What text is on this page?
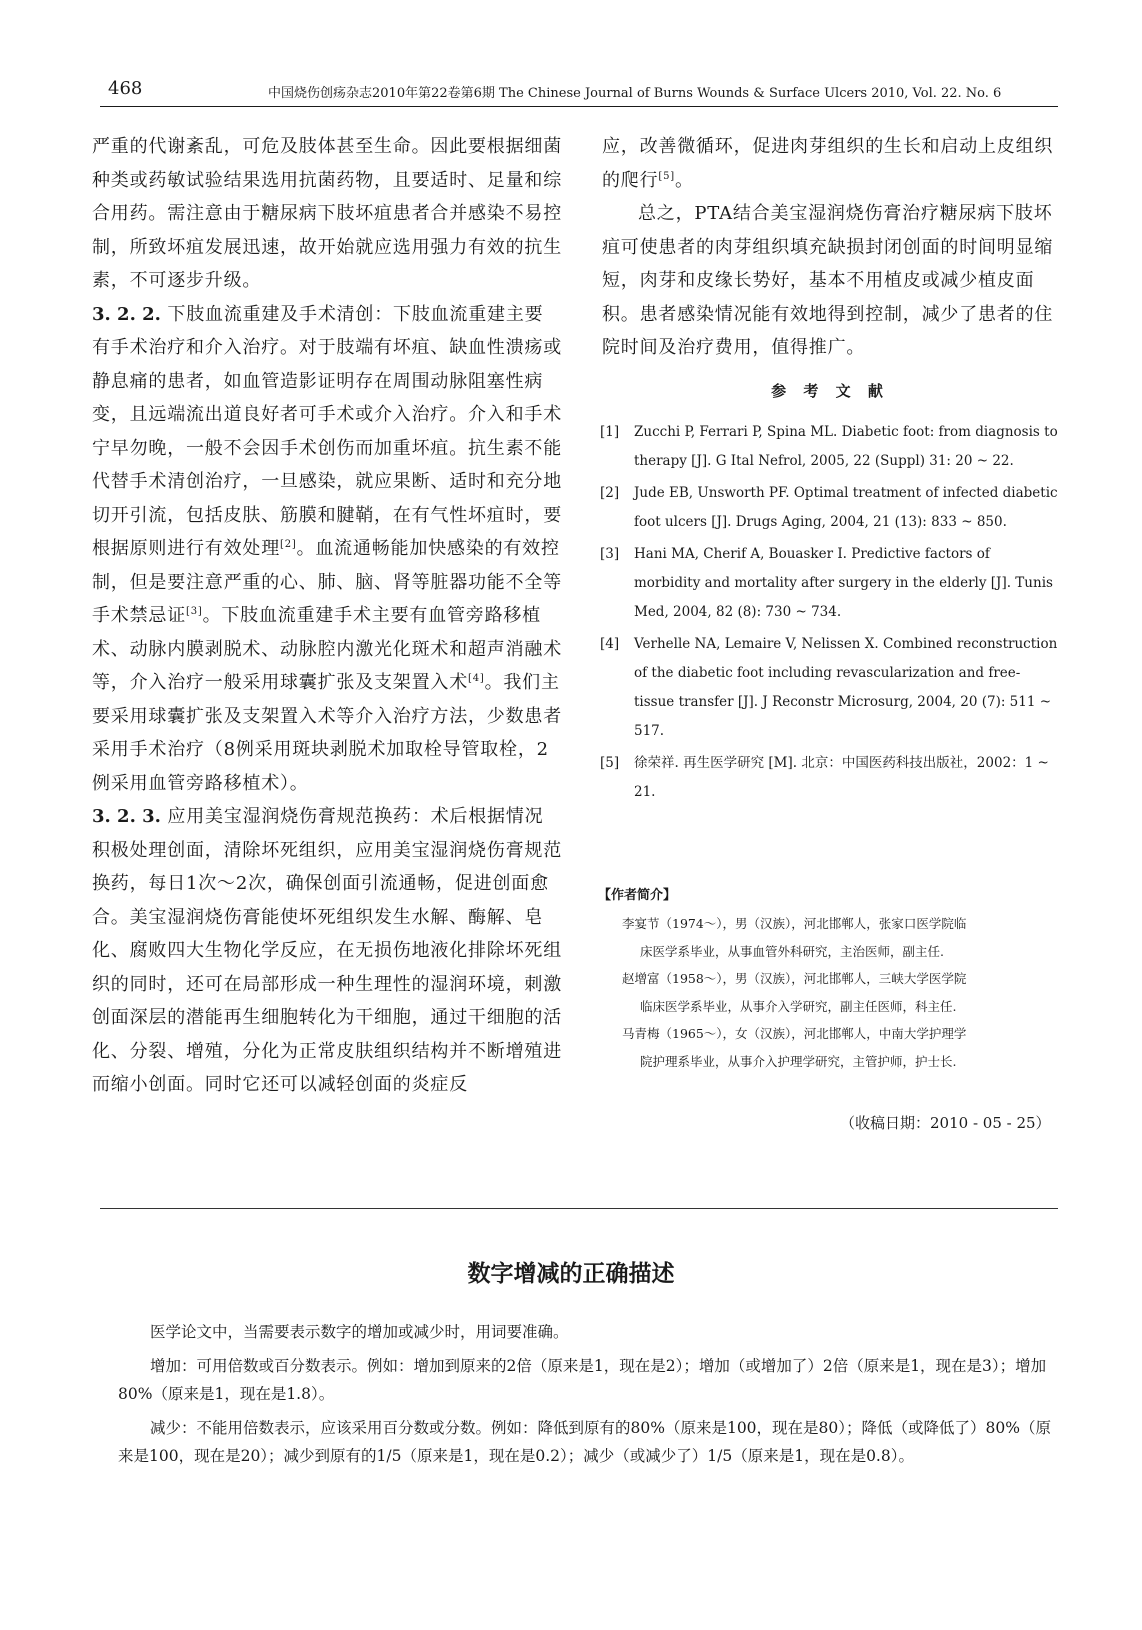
468	中国烧伤创疡杂志2010年第22卷第6期 The Chinese Journal of Burns Wounds & Surface Ulcers 2010, Vol. 22. No. 6

严重的代谢紊乱，可危及肢体甚至生命。因此要根据细菌种类或药敏试验结果选用抗菌药物，且要适时、足量和综合用药。需注意由于糖尿病下肢坏疽患者合并感染不易控制，所致坏疽发展迅速，故开始就应选用强力有效的抗生素，不可逐步升级。

3. 2. 2. 下肢血流重建及手术清创：下肢血流重建主要有手术治疗和介入治疗。对于肢端有坏疽、缺血性溃疡或静息痛的患者，如血管造影证明存在周围动脉阻塞性病变，且远端流出道良好者可手术或介入治疗。介入和手术宁早勿晚，一般不会因手术创伤而加重坏疽。抗生素不能代替手术清创治疗，一旦感染，就应果断、适时和充分地切开引流，包括皮肤、筋膜和腱鞘，在有气性坏疽时，要根据原则进行有效处理[2]。血流通畅能加快感染的有效控制，但是要注意严重的心、肺、脑、肾等脏器功能不全等手术禁忌证[3]。下肢血流重建手术主要有血管旁路移植术、动脉内膜剥脱术、动脉腔内激光化斑术和超声消融术等，介入治疗一般采用球囊扩张及支架置入术[4]。我们主要采用球囊扩张及支架置入术等介入治疗方法，少数患者采用手术治疗（8例采用斑块剥脱术加取栓导管取栓，2例采用血管旁路移植术）。

3. 2. 3. 应用美宝湿润烧伤膏规范换药：术后根据情况积极处理创面，清除坏死组织，应用美宝湿润烧伤膏规范换药，每日1次～2次，确保创面引流通畅，促进创面愈合。美宝湿润烧伤膏能使坏死组织发生水解、酶解、皂化、腐败四大生物化学反应，在无损伤地液化排除坏死组织的同时，还可在局部形成一种生理性的湿润环境，刺激创面深层的潜能再生细胞转化为干细胞，通过干细胞的活化、分裂、增殖，分化为正常皮肤组织结构并不断增殖进而缩小创面。同时它还可以减轻创面的炎症反

应，改善微循环，促进肉芽组织的生长和启动上皮组织的爬行[5]。

总之，PTA结合美宝湿润烧伤膏治疗糖尿病下肢坏疽可使患者的肉芽组织填充缺损封闭创面的时间明显缩短，肉芽和皮缘长势好，基本不用植皮或减少植皮面积。患者感染情况能有效地得到控制，减少了患者的住院时间及治疗费用，值得推广。

参 考 文 献
[1] Zucchi P, Ferrari P, Spina ML. Diabetic foot: from diagnosis to therapy [J]. G Ital Nefrol, 2005, 22 (Suppl) 31: 20 ~ 22.
[2] Jude EB, Unsworth PF. Optimal treatment of infected diabetic foot ulcers [J]. Drugs Aging, 2004, 21 (13): 833 ~ 850.
[3] Hani MA, Cherif A, Bouasker I. Predictive factors of morbidity and mortality after surgery in the elderly [J]. Tunis Med, 2004, 82 (8): 730 ~ 734.
[4] Verhelle NA, Lemaire V, Nelissen X. Combined reconstruction of the diabetic foot including revascularization and free-tissue transfer [J]. J Reconstr Microsurg, 2004, 20 (7): 511 ~ 517.
[5] 徐荣祥. 再生医学研究 [M]. 北京：中国医药科技出版社，2002：1 ~ 21.
【作者简介】
李宴节（1974～），男（汉族），河北邯郸人，张家口医学院临
床医学系毕业，从事血管外科研究，主治医师，副主任.
赵增富（1958～），男（汉族），河北邯郸人，三峡大学医学院
临床医学系毕业，从事介入学研究，副主任医师，科主任.
马青梅（1965～），女（汉族），河北邯郸人，中南大学护理学
院护理系毕业，从事介入护理学研究，主管护师，护士长.
（收稿日期：2010 - 05 - 25）
数字增减的正确描述

医学论文中，当需要表示数字的增加或减少时，用词要准确。

增加：可用倍数或百分数表示。例如：增加到原来的2倍（原来是1，现在是2）；增加（或增加了）2倍（原来是1，现在是3）；增加80%（原来是1，现在是1.8）。

减少：不能用倍数表示，应该采用百分数或分数。例如：降低到原有的80%（原来是100，现在是80）；降低（或降低了）80%（原来是100，现在是20）；减少到原有的1/5（原来是1，现在是0.2）；减少（或减少了）1/5（原来是1，现在是0.8）。
